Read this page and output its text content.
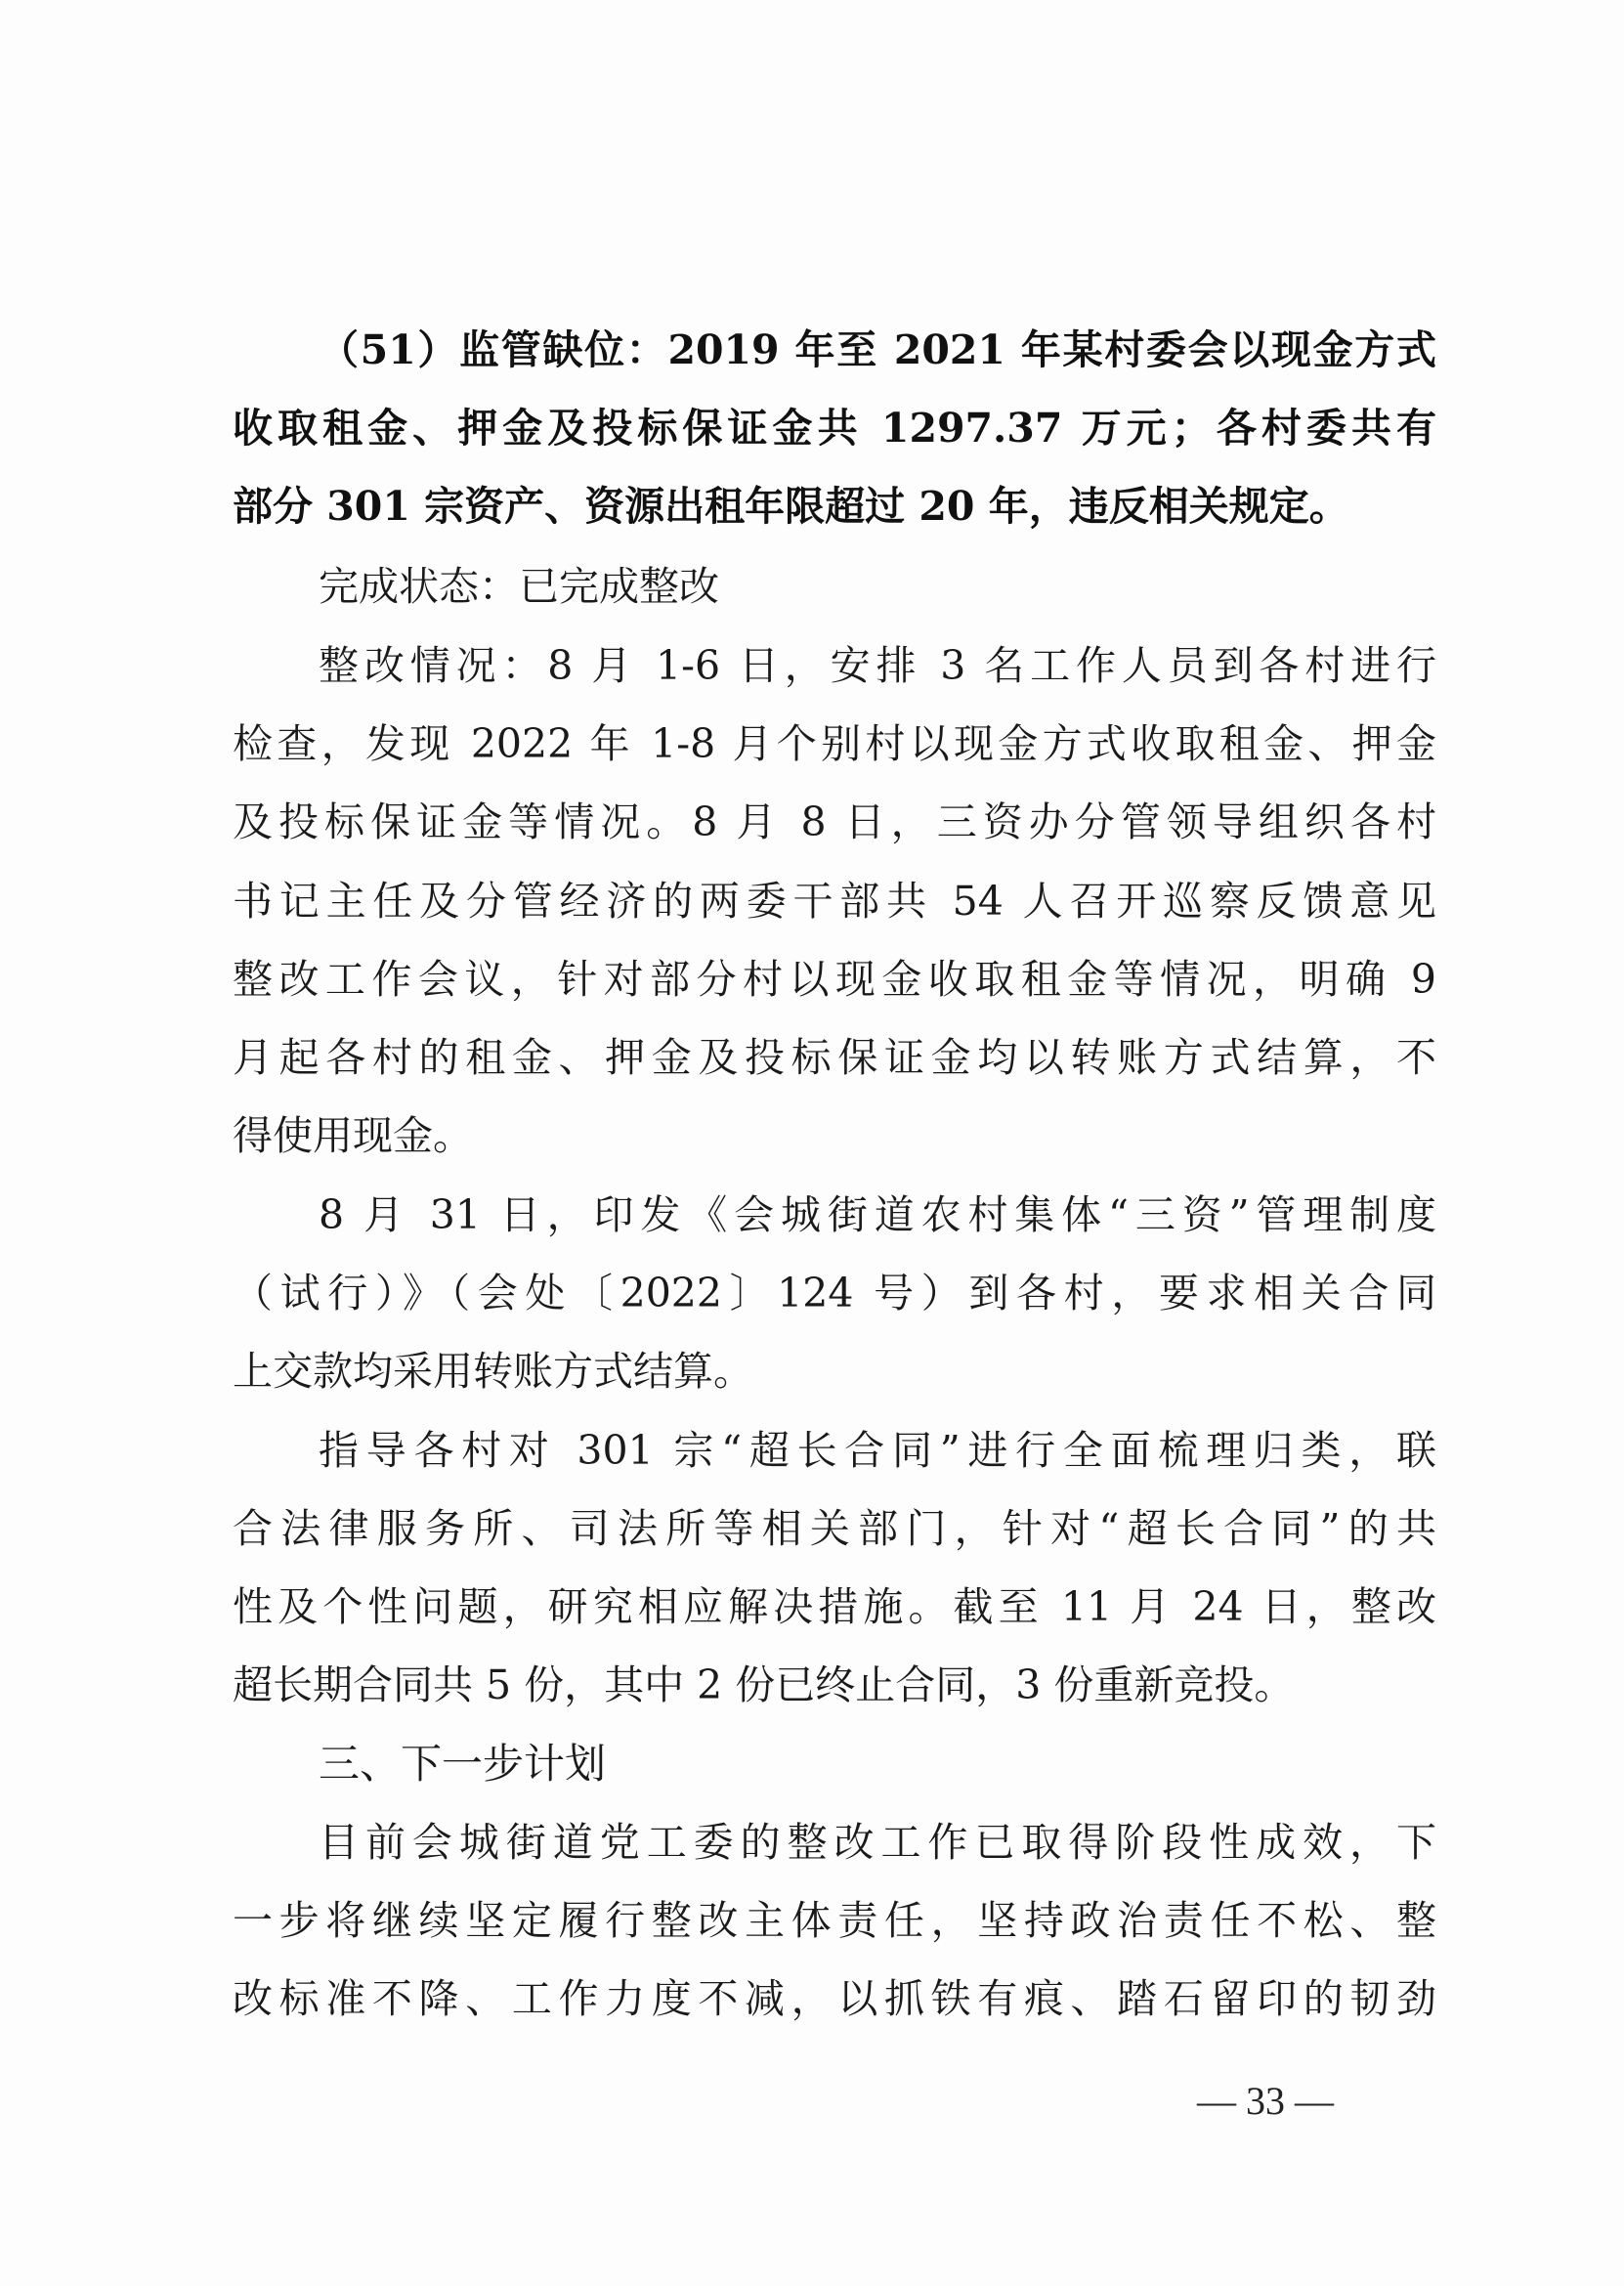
（51）监管缺位：2019 年至 2021 年某村委会以现金方式
收取租金、押金及投标保证金共 1297.37 万元；各村委共有
部分 301 宗资产、资源出租年限超过 20 年，违反相关规定。
完成状态：已完成整改
整改情况：8 月 1-6 日，安排 3 名工作人员到各村进行
检查，发现 2022 年 1-8 月个别村以现金方式收取租金、押金
及投标保证金等情况。8 月 8 日，三资办分管领导组织各村
书记主任及分管经济的两委干部共 54 人召开巡察反馈意见
整改工作会议，针对部分村以现金收取租金等情况，明确 9
月起各村的租金、押金及投标保证金均以转账方式结算，不
得使用现金。
8 月 31 日，印发《会城街道农村集体“三资”管理制度
（试行）》（会处〔2022〕124 号）到各村，要求相关合同
上交款均采用转账方式结算。
指导各村对 301 宗“超长合同”进行全面梳理归类，联
合法律服务所、司法所等相关部门，针对“超长合同”的共
性及个性问题，研究相应解决措施。截至 11 月 24 日，整改
超长期合同共 5 份，其中 2 份已终止合同，3 份重新竞投。
三、下一步计划
目前会城街道党工委的整改工作已取得阶段性成效，下
一步将继续坚定履行整改主体责任，坚持政治责任不松、整
改标准不降、工作力度不减，以抓铁有痕、踏石留印的韧劲
— 33 —
